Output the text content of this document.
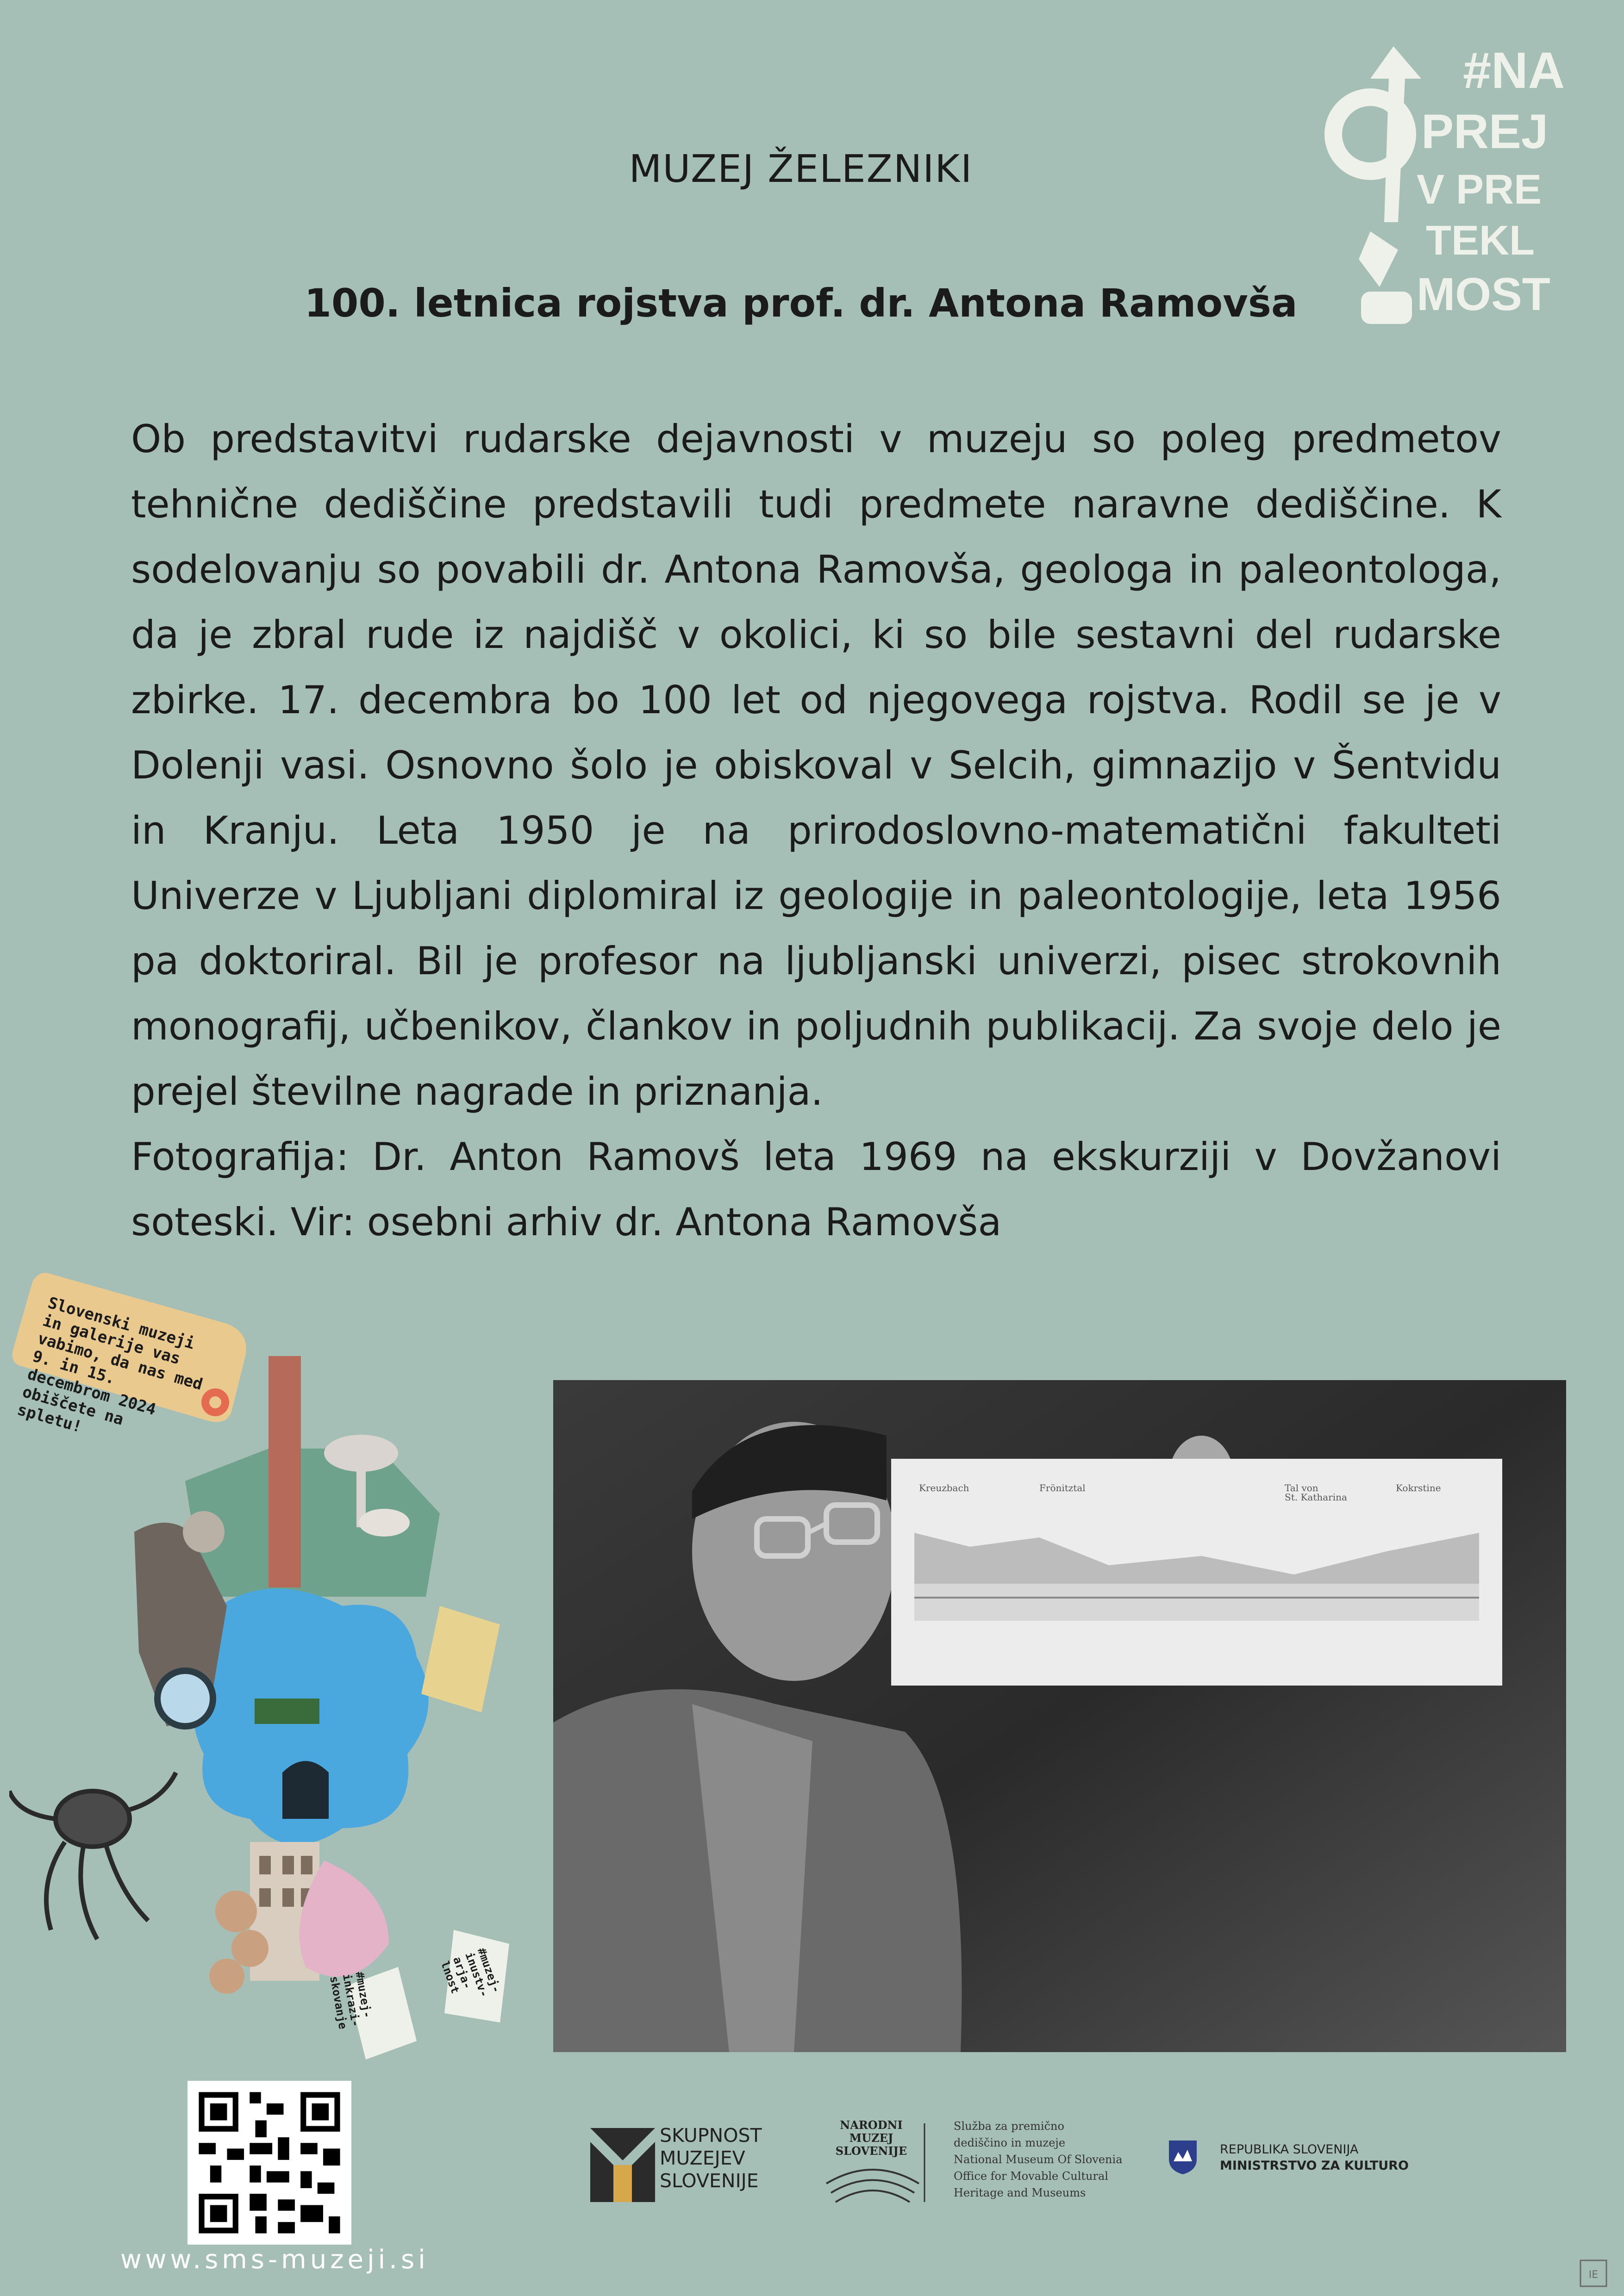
MUZEJ ŽELEZNIKI
100. letnica rojstva prof. dr. Antona Ramovša
#NA
PREJ
V PRE
TEKL
MOST

Ob predstavitvi rudarske dejavnosti v muzeju so poleg predmetov tehnične dediščine predstavili tudi predmete naravne dediščine. K sodelovanju so povabili dr. Antona Ramovša, geologa in paleontologa, da je zbral rude iz najdišč v okolici, ki so bile sestavni del rudarske zbirke. 17. decembra bo 100 let od njegovega rojstva. Rodil se je v Dolenji vasi. Osnovno šolo je obiskoval v Selcih, gimnazijo v Šentvidu in Kranju. Leta 1950 je na prirodoslovno-matematični fakulteti Univerze v Ljubljani diplomiral iz geologije in paleontologije, leta 1956 pa doktoriral. Bil je profesor na ljubljanski univerzi, pisec strokovnih monografij, učbenikov, člankov in poljudnih publikacij. Za svoje delo je prejel številne nagrade in priznanja.

Fotografija: Dr. Anton Ramovš leta 1969 na ekskurziji v Dovžanovi soteski. Vir: osebni arhiv dr. Antona Ramovša

Slovenski muzeji in galerije vas vabimo, da nas med 9. in 15. decembrom 2024 obiščete na spletu!
#muzej-inkrazi-skovanje
#muzej-inustv-arja-lnost
Kreuzbach	Frönitztal
St. Katharina
Tal von	Kokrstine
www.sms-muzeji.si
SKUPNOST
MUZEJEV
SLOVENIJE
NARODNI
MUZEJ
SLOVENIJE
Služba za premično
dediščino in muzeje
National Museum Of Slovenia
Office for Movable Cultural
Heritage and Museums
REPUBLIKA SLOVENIJA
MINISTRSTVO ZA KULTURO
IE
